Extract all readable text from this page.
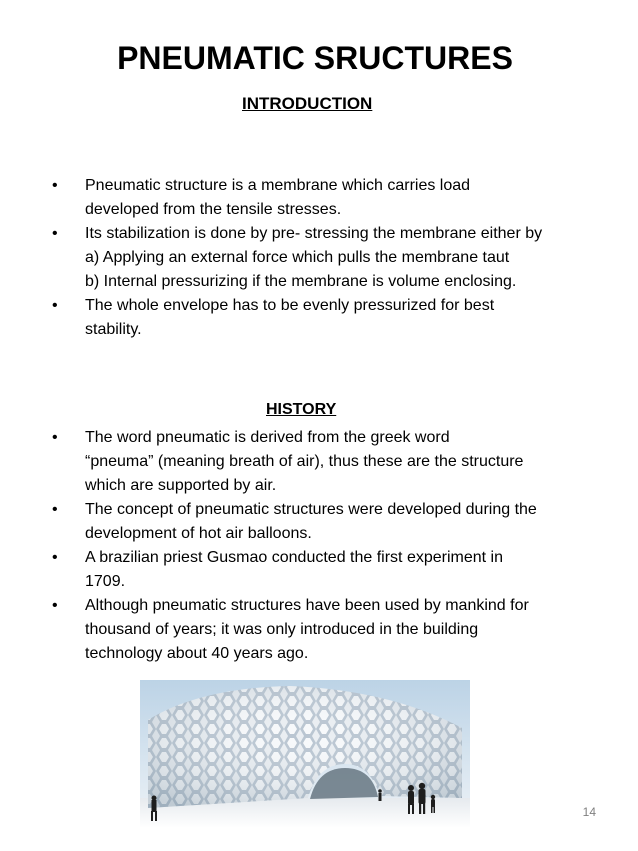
PNEUMATIC SRUCTURES
INTRODUCTION
• Pneumatic structure is a membrane which carries load
developed from the tensile stresses.
• Its stabilization is done by pre- stressing the membrane either by
a) Applying an external force which pulls the membrane taut
b) Internal pressurizing if the membrane is volume enclosing.
• The whole envelope has to be evenly pressurized for best
stability.
HISTORY
• The word pneumatic is derived from the greek word
“pneuma” (meaning breath of air), thus these are the structure
which are supported by air.
• The concept of pneumatic structures were developed during the
development of hot air balloons.
• A brazilian priest Gusmao conducted the first experiment in
1709.
• Although pneumatic structures have been used by mankind for
thousand of years; it was only introduced in the building
technology about 40 years ago.
14
